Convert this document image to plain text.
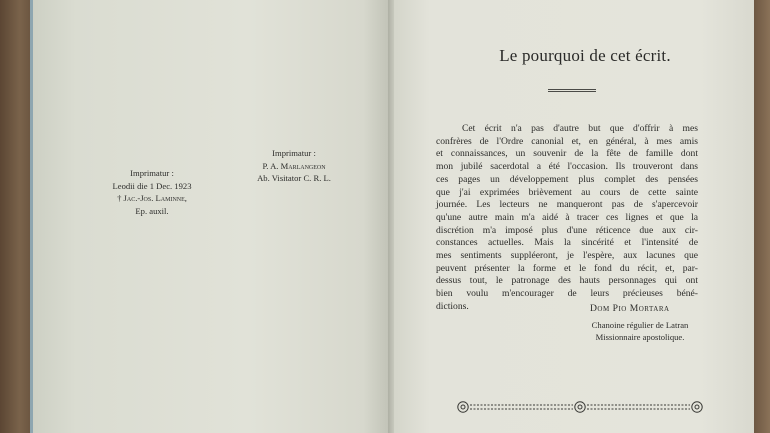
Imprimatur :
Leodii die 1 Dec. 1923
† Jac.-Jos. Laminne,
Ep. auxil.
Imprimatur :
P. A. Marlangeon
Ab. Visitator C. R. L.
Le pourquoi de cet écrit.
Cet écrit n'a pas d'autre but que d'offrir à mes
confrères de l'Ordre canonial et, en général, à mes amis
et connaissances, un souvenir de la fête de famille dont
mon jubilé sacerdotal a été l'occasion. Ils trouveront dans
ces pages un développement plus complet des pensées
que j'ai exprimées brièvement au cours de cette sainte
journée. Les lecteurs ne manqueront pas de s'apercevoir
qu'une autre main m'a aidé à tracer ces lignes et que la
discrétion m'a imposé plus d'une réticence due aux cir-
constances actuelles. Mais la sincérité et l'intensité de
mes sentiments suppléeront, je l'espère, aux lacunes que
peuvent présenter la forme et le fond du récit, et, par-
dessus tout, le patronage des hauts personnages qui ont
bien voulu m'encourager de leurs précieuses béné-
dictions.	Dom Pio Mortara
Chanoine régulier de Latran
Missionnaire apostolique.
